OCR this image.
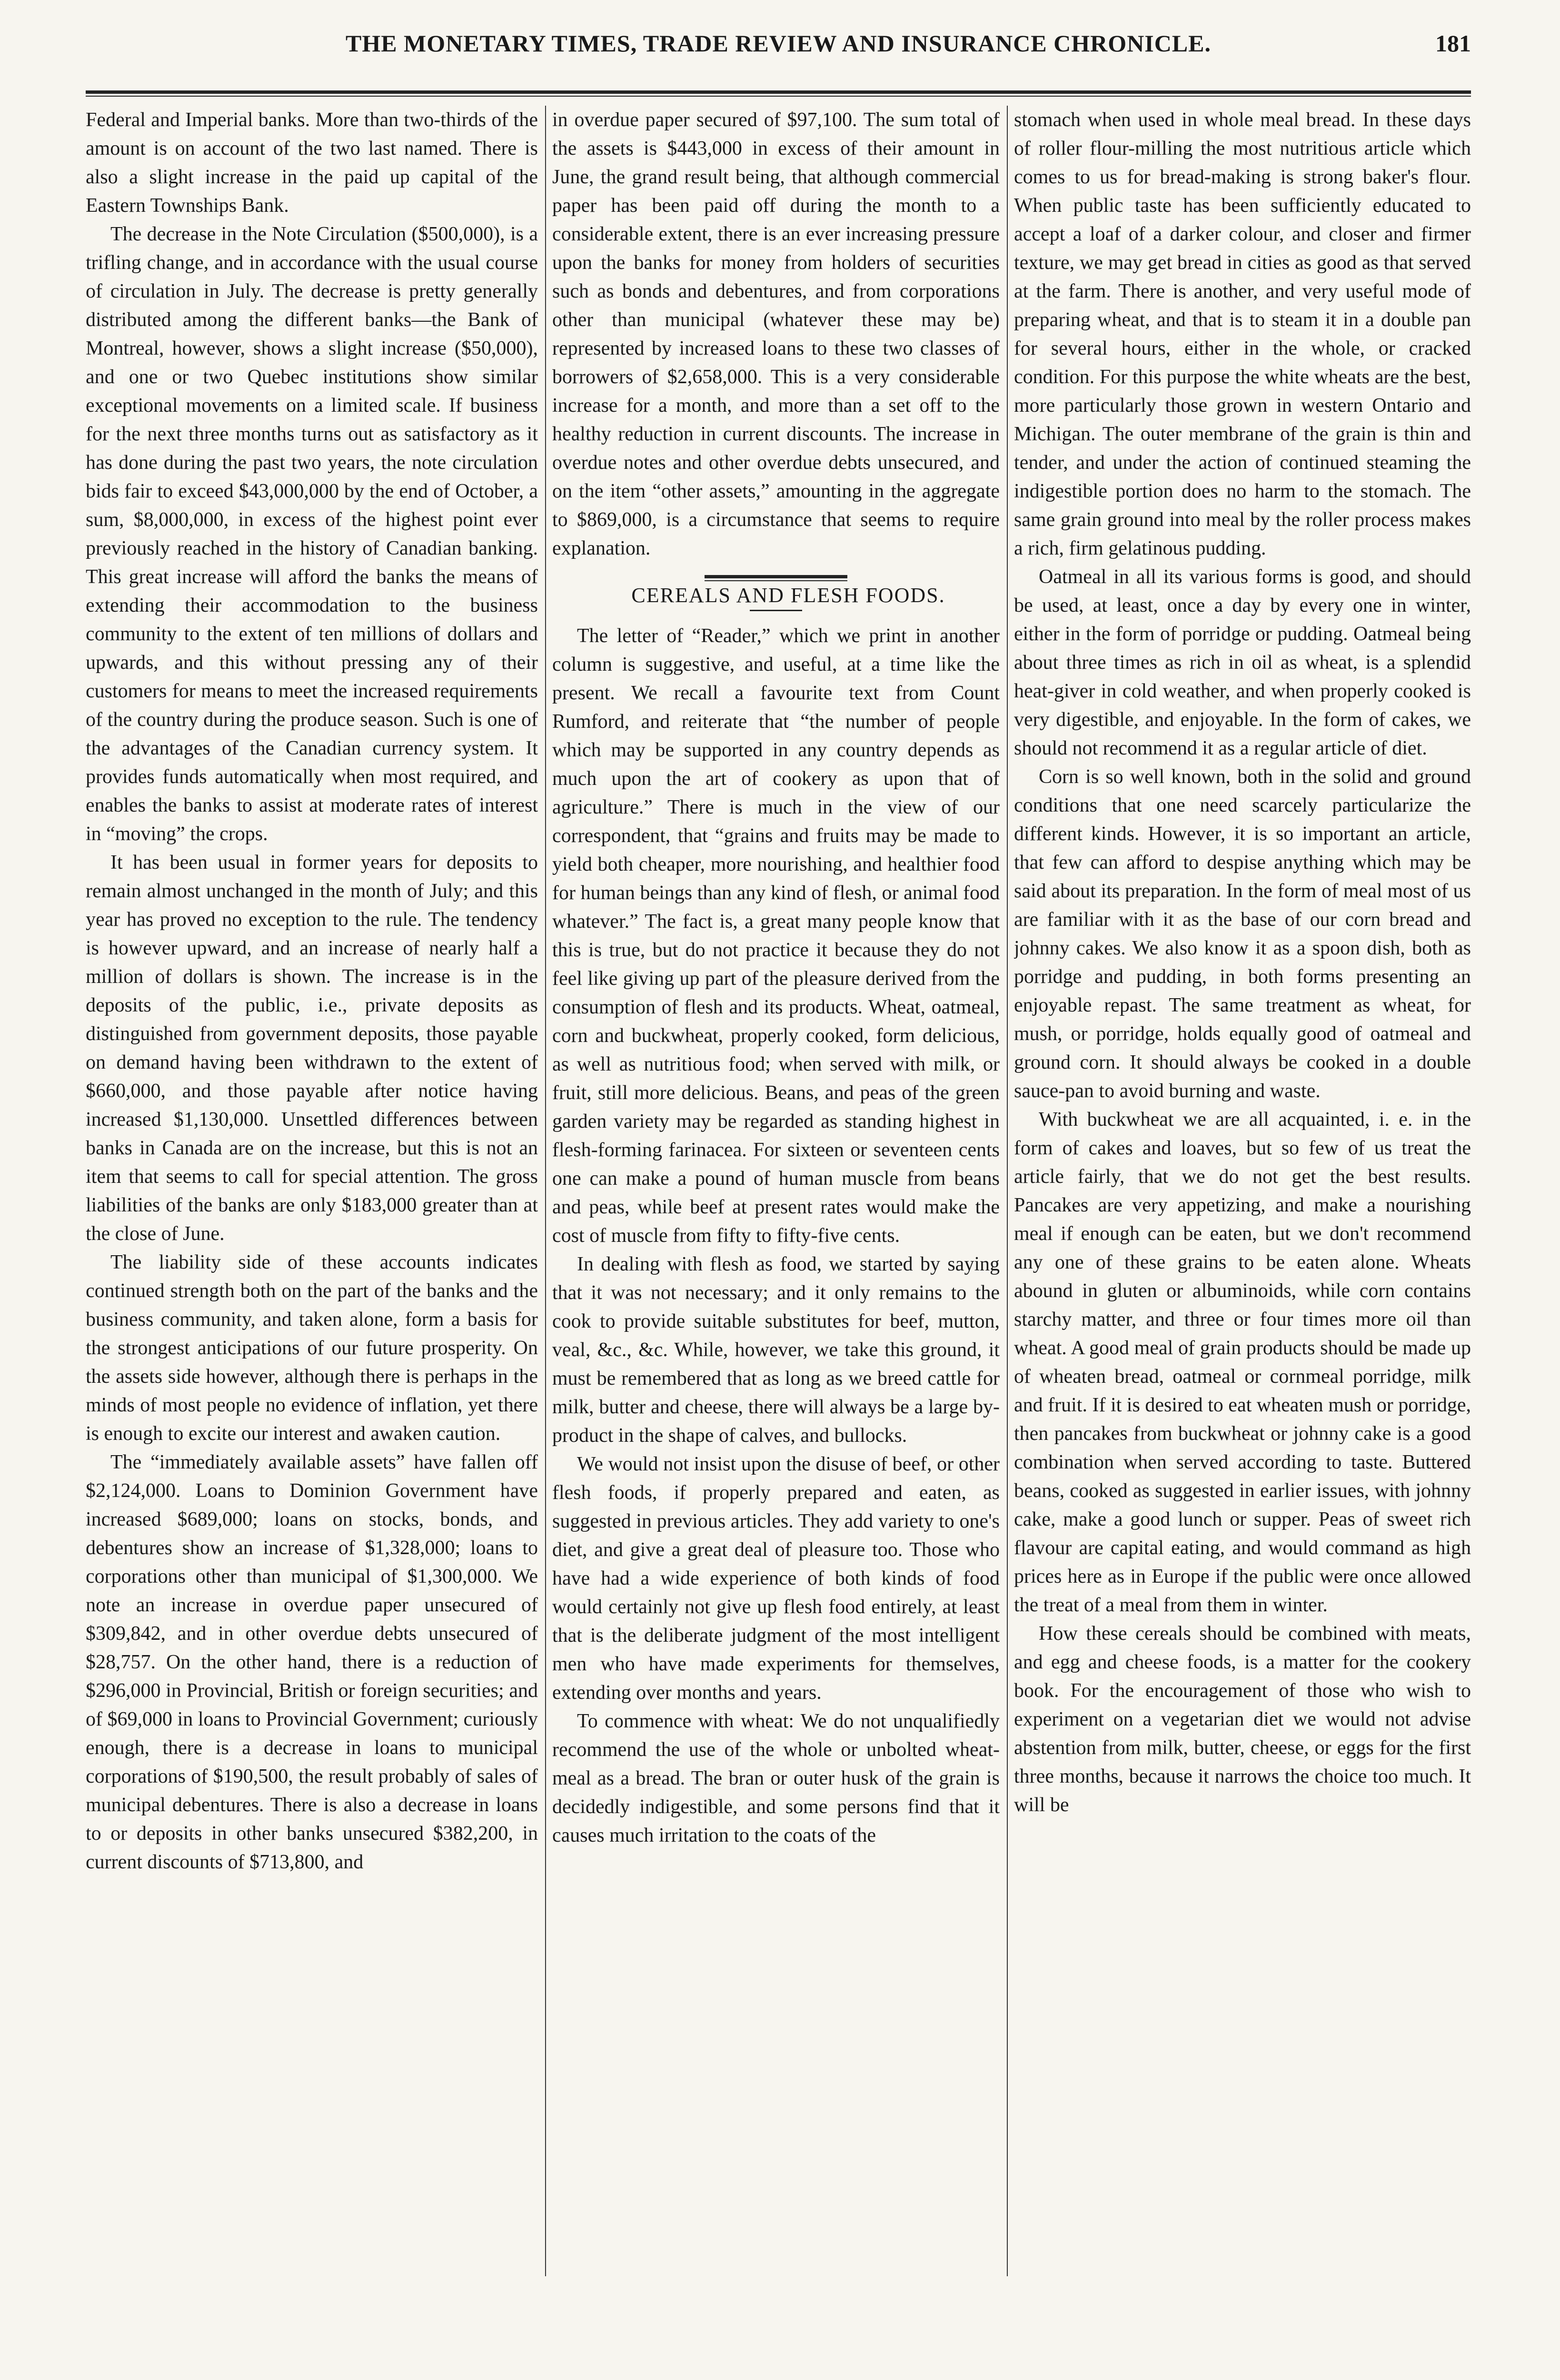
THE MONETARY TIMES, TRADE REVIEW AND INSURANCE CHRONICLE.	181

Federal and Imperial banks. More than two-thirds of the amount is on account of the two last named. There is also a slight increase in the paid up capital of the Eastern Townships Bank.

The decrease in the Note Circulation ($500,000), is a trifling change, and in accordance with the usual course of circulation in July. The decrease is pretty generally distributed among the different banks—the Bank of Montreal, however, shows a slight increase ($50,000), and one or two Quebec institutions show similar exceptional movements on a limited scale. If business for the next three months turns out as satisfactory as it has done during the past two years, the note circulation bids fair to exceed $43,000,000 by the end of October, a sum, $8,000,000, in excess of the highest point ever previously reached in the history of Canadian banking. This great increase will afford the banks the means of extending their accommodation to the business community to the extent of ten millions of dollars and upwards, and this without pressing any of their customers for means to meet the increased requirements of the country during the produce season. Such is one of the advantages of the Canadian currency system. It provides funds automatically when most required, and enables the banks to assist at moderate rates of interest in “moving” the crops.

It has been usual in former years for deposits to remain almost unchanged in the month of July; and this year has proved no exception to the rule. The tendency is however upward, and an increase of nearly half a million of dollars is shown. The increase is in the deposits of the public, i.e., private deposits as distinguished from government deposits, those payable on demand having been withdrawn to the extent of $660,000, and those payable after notice having increased $1,130,000. Unsettled differences between banks in Canada are on the increase, but this is not an item that seems to call for special attention. The gross liabilities of the banks are only $183,000 greater than at the close of June.

The liability side of these accounts indicates continued strength both on the part of the banks and the business community, and taken alone, form a basis for the strongest anticipations of our future prosperity. On the assets side however, although there is perhaps in the minds of most people no evidence of inflation, yet there is enough to excite our interest and awaken caution.

The “immediately available assets” have fallen off $2,124,000. Loans to Dominion Government have increased $689,000; loans on stocks, bonds, and debentures show an increase of $1,328,000; loans to corporations other than municipal of $1,300,000. We note an increase in overdue paper unsecured of $309,842, and in other overdue debts unsecured of $28,757. On the other hand, there is a reduction of $296,000 in Provincial, British or foreign securities; and of $69,000 in loans to Provincial Government; curiously enough, there is a decrease in loans to municipal corporations of $190,500, the result probably of sales of municipal debentures. There is also a decrease in loans to or deposits in other banks unsecured $382,200, in current discounts of $713,800, and

in overdue paper secured of $97,100. The sum total of the assets is $443,000 in excess of their amount in June, the grand result being, that although commercial paper has been paid off during the month to a considerable extent, there is an ever increasing pressure upon the banks for money from holders of securities such as bonds and debentures, and from corporations other than municipal (whatever these may be) represented by increased loans to these two classes of borrowers of $2,658,000. This is a very considerable increase for a month, and more than a set off to the healthy reduction in current discounts. The increase in overdue notes and other overdue debts unsecured, and on the item “other assets,” amounting in the aggregate to $869,000, is a circumstance that seems to require explanation.

CEREALS AND FLESH FOODS.

The letter of “Reader,” which we print in another column is suggestive, and useful, at a time like the present. We recall a favourite text from Count Rumford, and reiterate that “the number of people which may be supported in any country depends as much upon the art of cookery as upon that of agriculture.” There is much in the view of our correspondent, that “grains and fruits may be made to yield both cheaper, more nourishing, and healthier food for human beings than any kind of flesh, or animal food whatever.” The fact is, a great many people know that this is true, but do not practice it because they do not feel like giving up part of the pleasure derived from the consumption of flesh and its products. Wheat, oatmeal, corn and buckwheat, properly cooked, form delicious, as well as nutritious food; when served with milk, or fruit, still more delicious. Beans, and peas of the green garden variety may be regarded as standing highest in flesh-forming farinacea. For sixteen or seventeen cents one can make a pound of human muscle from beans and peas, while beef at present rates would make the cost of muscle from fifty to fifty-five cents.

In dealing with flesh as food, we started by saying that it was not necessary; and it only remains to the cook to provide suitable substitutes for beef, mutton, veal, &c., &c. While, however, we take this ground, it must be remembered that as long as we breed cattle for milk, butter and cheese, there will always be a large by-product in the shape of calves, and bullocks.

We would not insist upon the disuse of beef, or other flesh foods, if properly prepared and eaten, as suggested in previous articles. They add variety to one's diet, and give a great deal of pleasure too. Those who have had a wide experience of both kinds of food would certainly not give up flesh food entirely, at least that is the deliberate judgment of the most intelligent men who have made experiments for themselves, extending over months and years.

To commence with wheat: We do not unqualifiedly recommend the use of the whole or unbolted wheat-meal as a bread. The bran or outer husk of the grain is decidedly indigestible, and some persons find that it causes much irritation to the coats of the

stomach when used in whole meal bread. In these days of roller flour-milling the most nutritious article which comes to us for bread-making is strong baker's flour. When public taste has been sufficiently educated to accept a loaf of a darker colour, and closer and firmer texture, we may get bread in cities as good as that served at the farm. There is another, and very useful mode of preparing wheat, and that is to steam it in a double pan for several hours, either in the whole, or cracked condition. For this purpose the white wheats are the best, more particularly those grown in western Ontario and Michigan. The outer membrane of the grain is thin and tender, and under the action of continued steaming the indigestible portion does no harm to the stomach. The same grain ground into meal by the roller process makes a rich, firm gelatinous pudding.

Oatmeal in all its various forms is good, and should be used, at least, once a day by every one in winter, either in the form of porridge or pudding. Oatmeal being about three times as rich in oil as wheat, is a splendid heat-giver in cold weather, and when properly cooked is very digestible, and enjoyable. In the form of cakes, we should not recommend it as a regular article of diet.

Corn is so well known, both in the solid and ground conditions that one need scarcely particularize the different kinds. However, it is so important an article, that few can afford to despise anything which may be said about its preparation. In the form of meal most of us are familiar with it as the base of our corn bread and johnny cakes. We also know it as a spoon dish, both as porridge and pudding, in both forms presenting an enjoyable repast. The same treatment as wheat, for mush, or porridge, holds equally good of oatmeal and ground corn. It should always be cooked in a double sauce-pan to avoid burning and waste.

With buckwheat we are all acquainted, i. e. in the form of cakes and loaves, but so few of us treat the article fairly, that we do not get the best results. Pancakes are very appetizing, and make a nourishing meal if enough can be eaten, but we don't recommend any one of these grains to be eaten alone. Wheats abound in gluten or albuminoids, while corn contains starchy matter, and three or four times more oil than wheat. A good meal of grain products should be made up of wheaten bread, oatmeal or cornmeal porridge, milk and fruit. If it is desired to eat wheaten mush or porridge, then pancakes from buckwheat or johnny cake is a good combination when served according to taste. Buttered beans, cooked as suggested in earlier issues, with johnny cake, make a good lunch or supper. Peas of sweet rich flavour are capital eating, and would command as high prices here as in Europe if the public were once allowed the treat of a meal from them in winter.

How these cereals should be combined with meats, and egg and cheese foods, is a matter for the cookery book. For the encouragement of those who wish to experiment on a vegetarian diet we would not advise abstention from milk, butter, cheese, or eggs for the first three months, because it narrows the choice too much. It will be
